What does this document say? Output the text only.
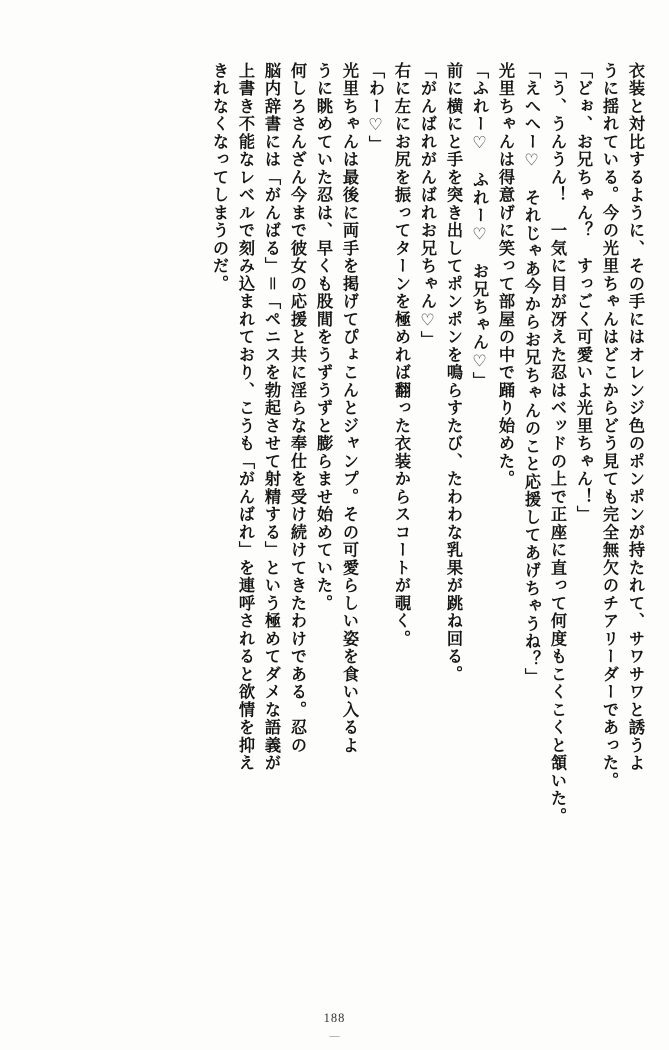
衣装と対比するように、その手にはオレンジ色のポンポンが持たれて、サワサワと誘うよ
うに揺れている。今の光里ちゃんはどこからどう見ても完全無欠のチアリーダーであった。
「どぉ、お兄ちゃん？　すっごく可愛いよ光里ちゃん！」
「う、うんうん！　一気に目が冴えた忍はベッドの上で正座に直って何度もこくこくと頷いた。
「えへへー♡　それじゃあ今からお兄ちゃんのこと応援してあげちゃうね？」
光里ちゃんは得意げに笑って部屋の中で踊り始めた。
「ふれー♡　ふれー♡　お兄ちゃん♡」
前に横にと手を突き出してポンポンを鳴らすたび、たわわな乳果が跳ね回る。
「がんばれがんばれお兄ちゃん♡」
右に左にお尻を振ってターンを極めれば翻った衣装からスコートが覗く。
「わー♡」
光里ちゃんは最後に両手を掲げてぴょこんとジャンプ。その可愛らしい姿を食い入るよ
うに眺めていた忍は、早くも股間をうずうずと膨らませ始めていた。
何しろさんざん今まで彼女の応援と共に淫らな奉仕を受け続けてきたわけである。忍の
脳内辞書には「がんばる」＝「ペニスを勃起させて射精する」という極めてダメな語義が
上書き不能なレベルで刻み込まれており、こうも「がんばれ」を連呼されると欲情を抑え
きれなくなってしまうのだ。
188
―
